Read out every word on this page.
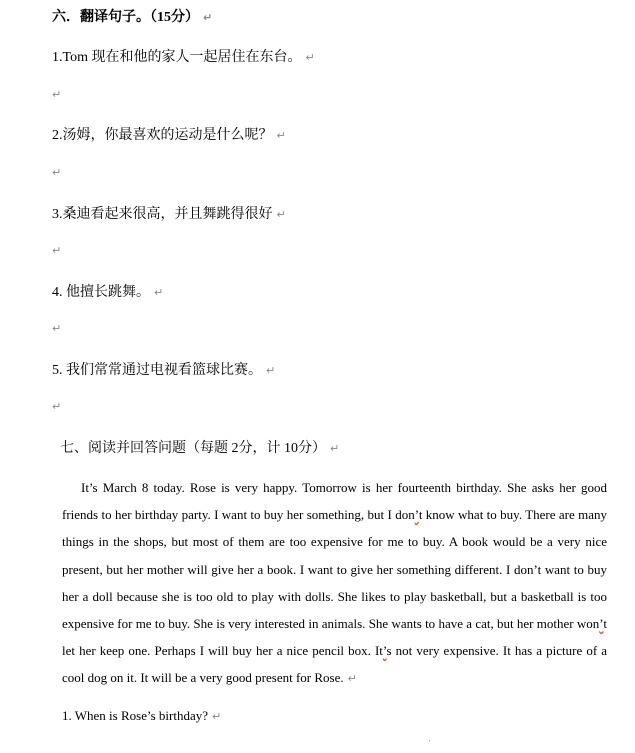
六．翻译句子。（15分） ↵
1.Tom 现在和他的家人一起居住在东台。 ↵
↵
2.汤姆，你最喜欢的运动是什么呢？ ↵
↵
3.桑迪看起来很高，并且舞跳得很好 ↵
↵
4. 他擅长跳舞。 ↵
↵
5. 我们常常通过电视看篮球比赛。 ↵
↵
七、阅读并回答问题（每题 2分，计 10分） ↵
It’s March 8 today. Rose is very happy. Tomorrow is her fourteenth birthday. She asks her good friends to her birthday party. I want to buy her something, but I don’t know what to buy. There are many things in the shops, but most of them are too expensive for me to buy. A book would be a very nice present, but her mother will give her a book. I want to give her something different. I don’t want to buy her a doll because she is too old to play with dolls. She likes to play basketball, but a basketball is too expensive for me to buy. She is very interested in animals. She wants to have a cat, but her mother won’t let her keep one. Perhaps I will buy her a nice pencil box. It’s not very expensive. It has a picture of a cool dog on it. It will be a very good present for Rose. ↵
1. When is Rose’s birthday? ↵
·
